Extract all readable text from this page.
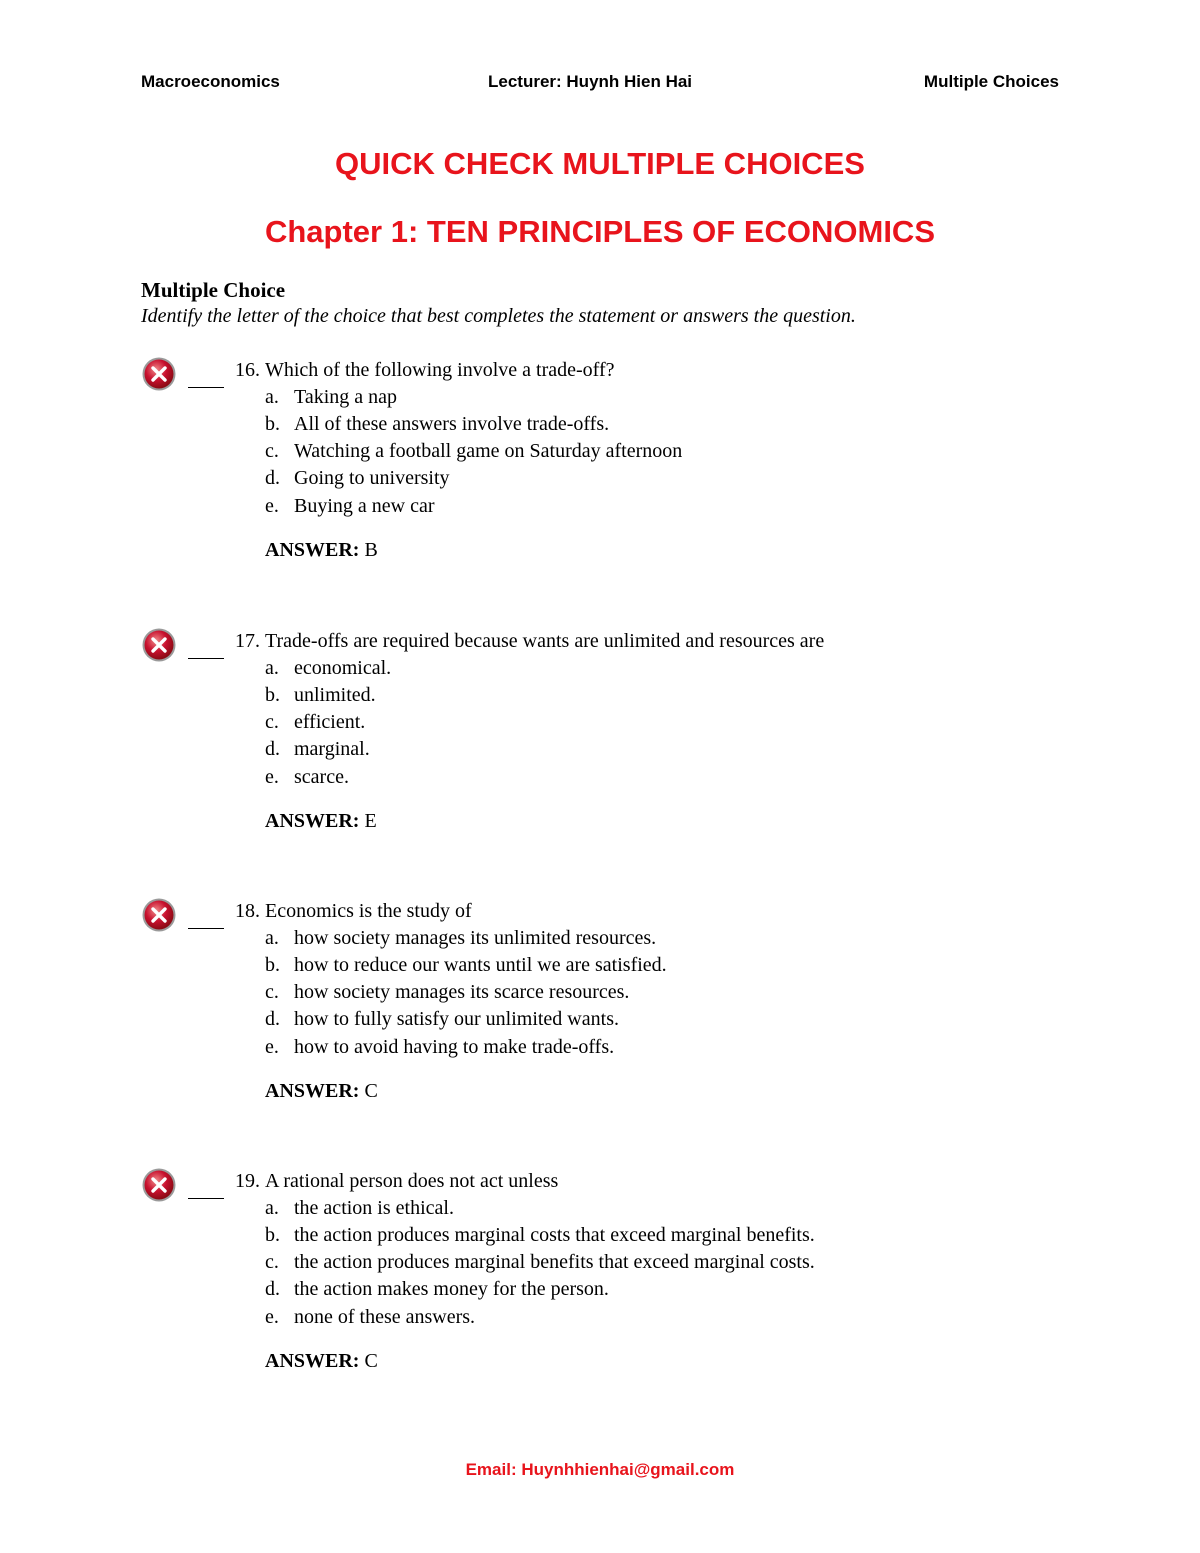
Macroeconomics	Lecturer: Huynh Hien Hai	Multiple Choices
QUICK CHECK MULTIPLE CHOICES
Chapter 1: TEN PRINCIPLES OF ECONOMICS
Multiple Choice
Identify the letter of the choice that best completes the statement or answers the question.
16. Which of the following involve a trade-off?
a. Taking a nap
b. All of these answers involve trade-offs.
c. Watching a football game on Saturday afternoon
d. Going to university
e. Buying a new car
ANSWER: B
17. Trade-offs are required because wants are unlimited and resources are
a. economical.
b. unlimited.
c. efficient.
d. marginal.
e. scarce.
ANSWER: E
18. Economics is the study of
a. how society manages its unlimited resources.
b. how to reduce our wants until we are satisfied.
c. how society manages its scarce resources.
d. how to fully satisfy our unlimited wants.
e. how to avoid having to make trade-offs.
ANSWER: C
19. A rational person does not act unless
a. the action is ethical.
b. the action produces marginal costs that exceed marginal benefits.
c. the action produces marginal benefits that exceed marginal costs.
d. the action makes money for the person.
e. none of these answers.
ANSWER: C
Email: Huynhhienhai@gmail.com
